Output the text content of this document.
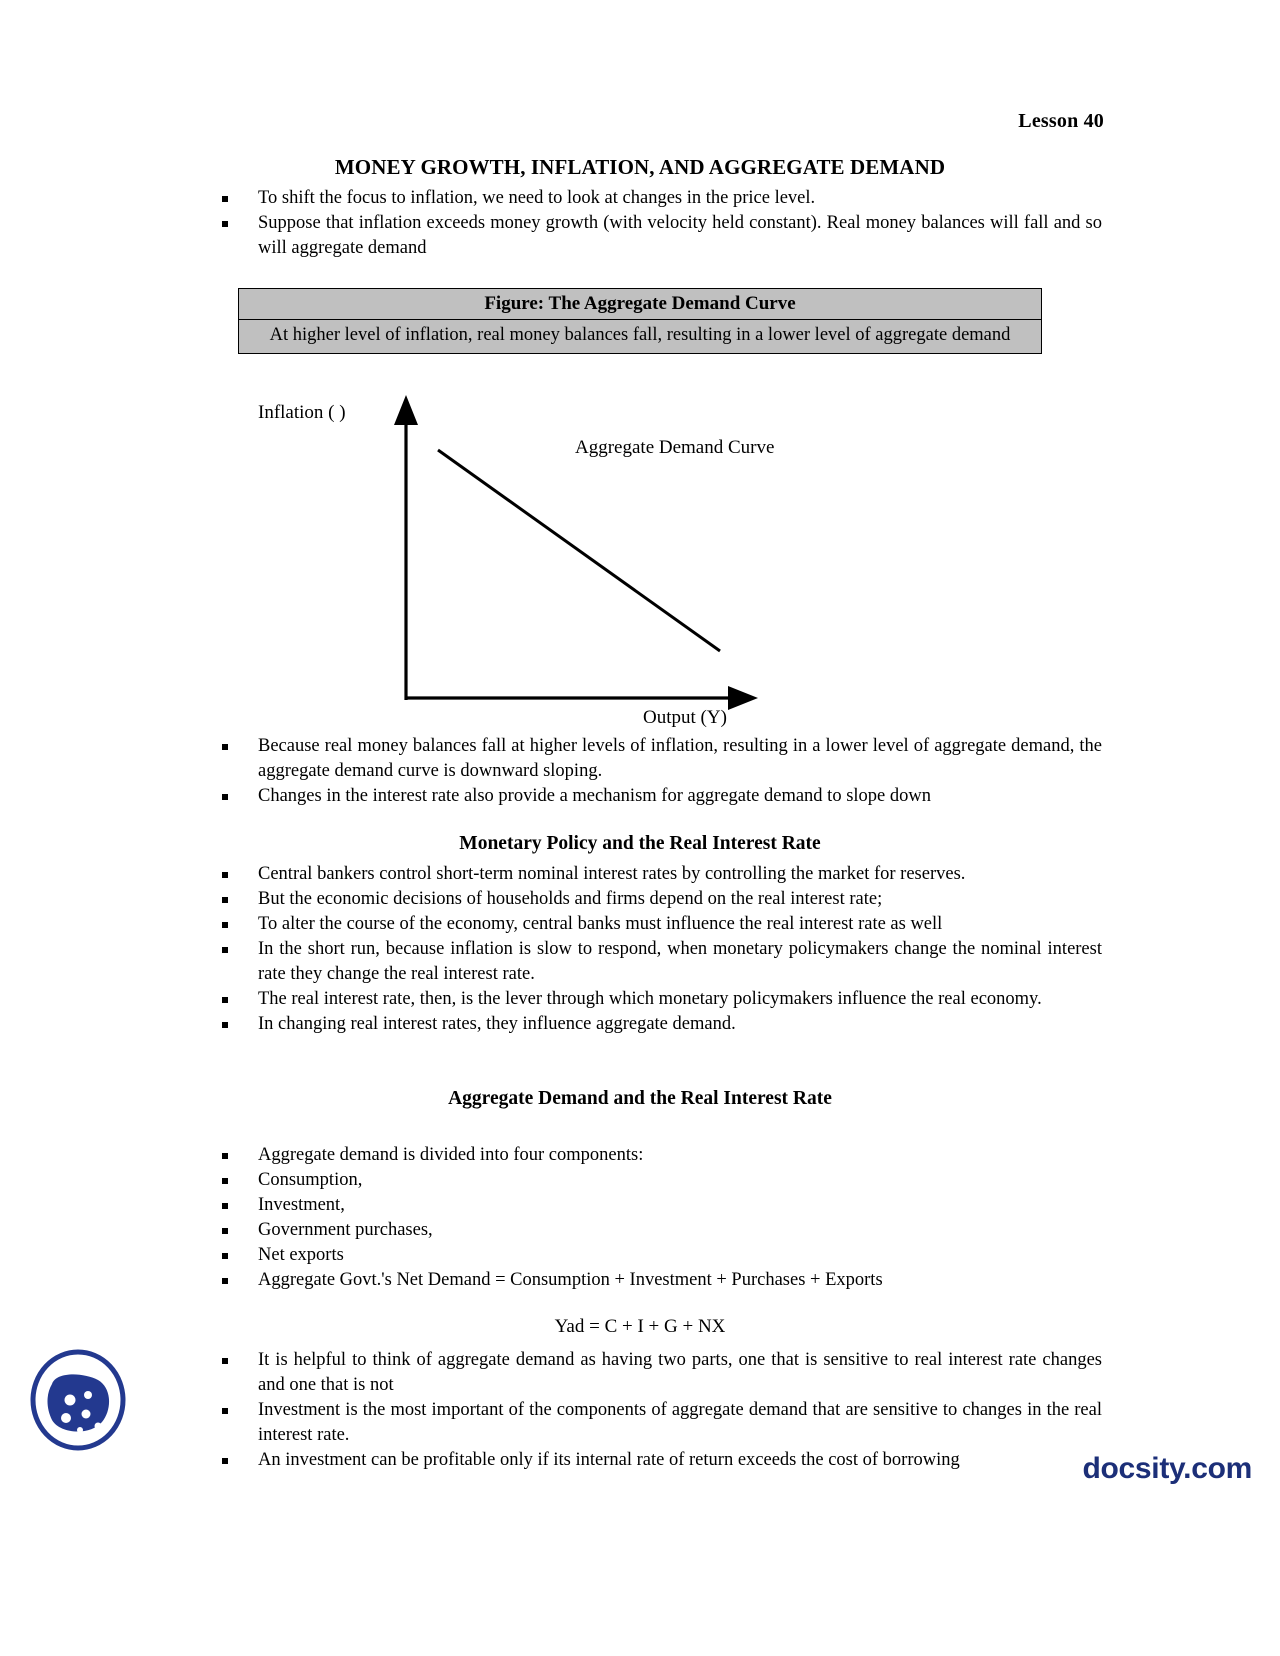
Lesson 40
MONEY GROWTH, INFLATION, AND AGGREGATE DEMAND
To shift the focus to inflation, we need to look at changes in the price level.
Suppose that inflation exceeds money growth (with velocity held constant). Real money balances will fall and so will aggregate demand
Figure: The Aggregate Demand Curve
At higher level of inflation, real money balances fall, resulting in a lower level of aggregate demand
Inflation ( )
Aggregate Demand Curve
Output (Y)
Because real money balances fall at higher levels of inflation, resulting in a lower level of aggregate demand, the aggregate demand curve is downward sloping.
Changes in the interest rate also provide a mechanism for aggregate demand to slope down
Monetary Policy and the Real Interest Rate
Central bankers control short-term nominal interest rates by controlling the market for reserves.
But the economic decisions of households and firms depend on the real interest rate;
To alter the course of the economy, central banks must influence the real interest rate as well
In the short run, because inflation is slow to respond, when monetary policymakers change the nominal interest rate they change the real interest rate.
The real interest rate, then, is the lever through which monetary policymakers influence the real economy.
In changing real interest rates, they influence aggregate demand.
Aggregate Demand and the Real Interest Rate
Aggregate demand is divided into four components:
Consumption,
Investment,
Government purchases,
Net exports
Aggregate Govt.'s Net Demand = Consumption + Investment + Purchases + Exports
Yad = C + I + G + NX
It is helpful to think of aggregate demand as having two parts, one that is sensitive to real interest rate changes and one that is not
Investment is the most important of the components of aggregate demand that are sensitive to changes in the real interest rate.
An investment can be profitable only if its internal rate of return exceeds the cost of borrowing	docsity.com
